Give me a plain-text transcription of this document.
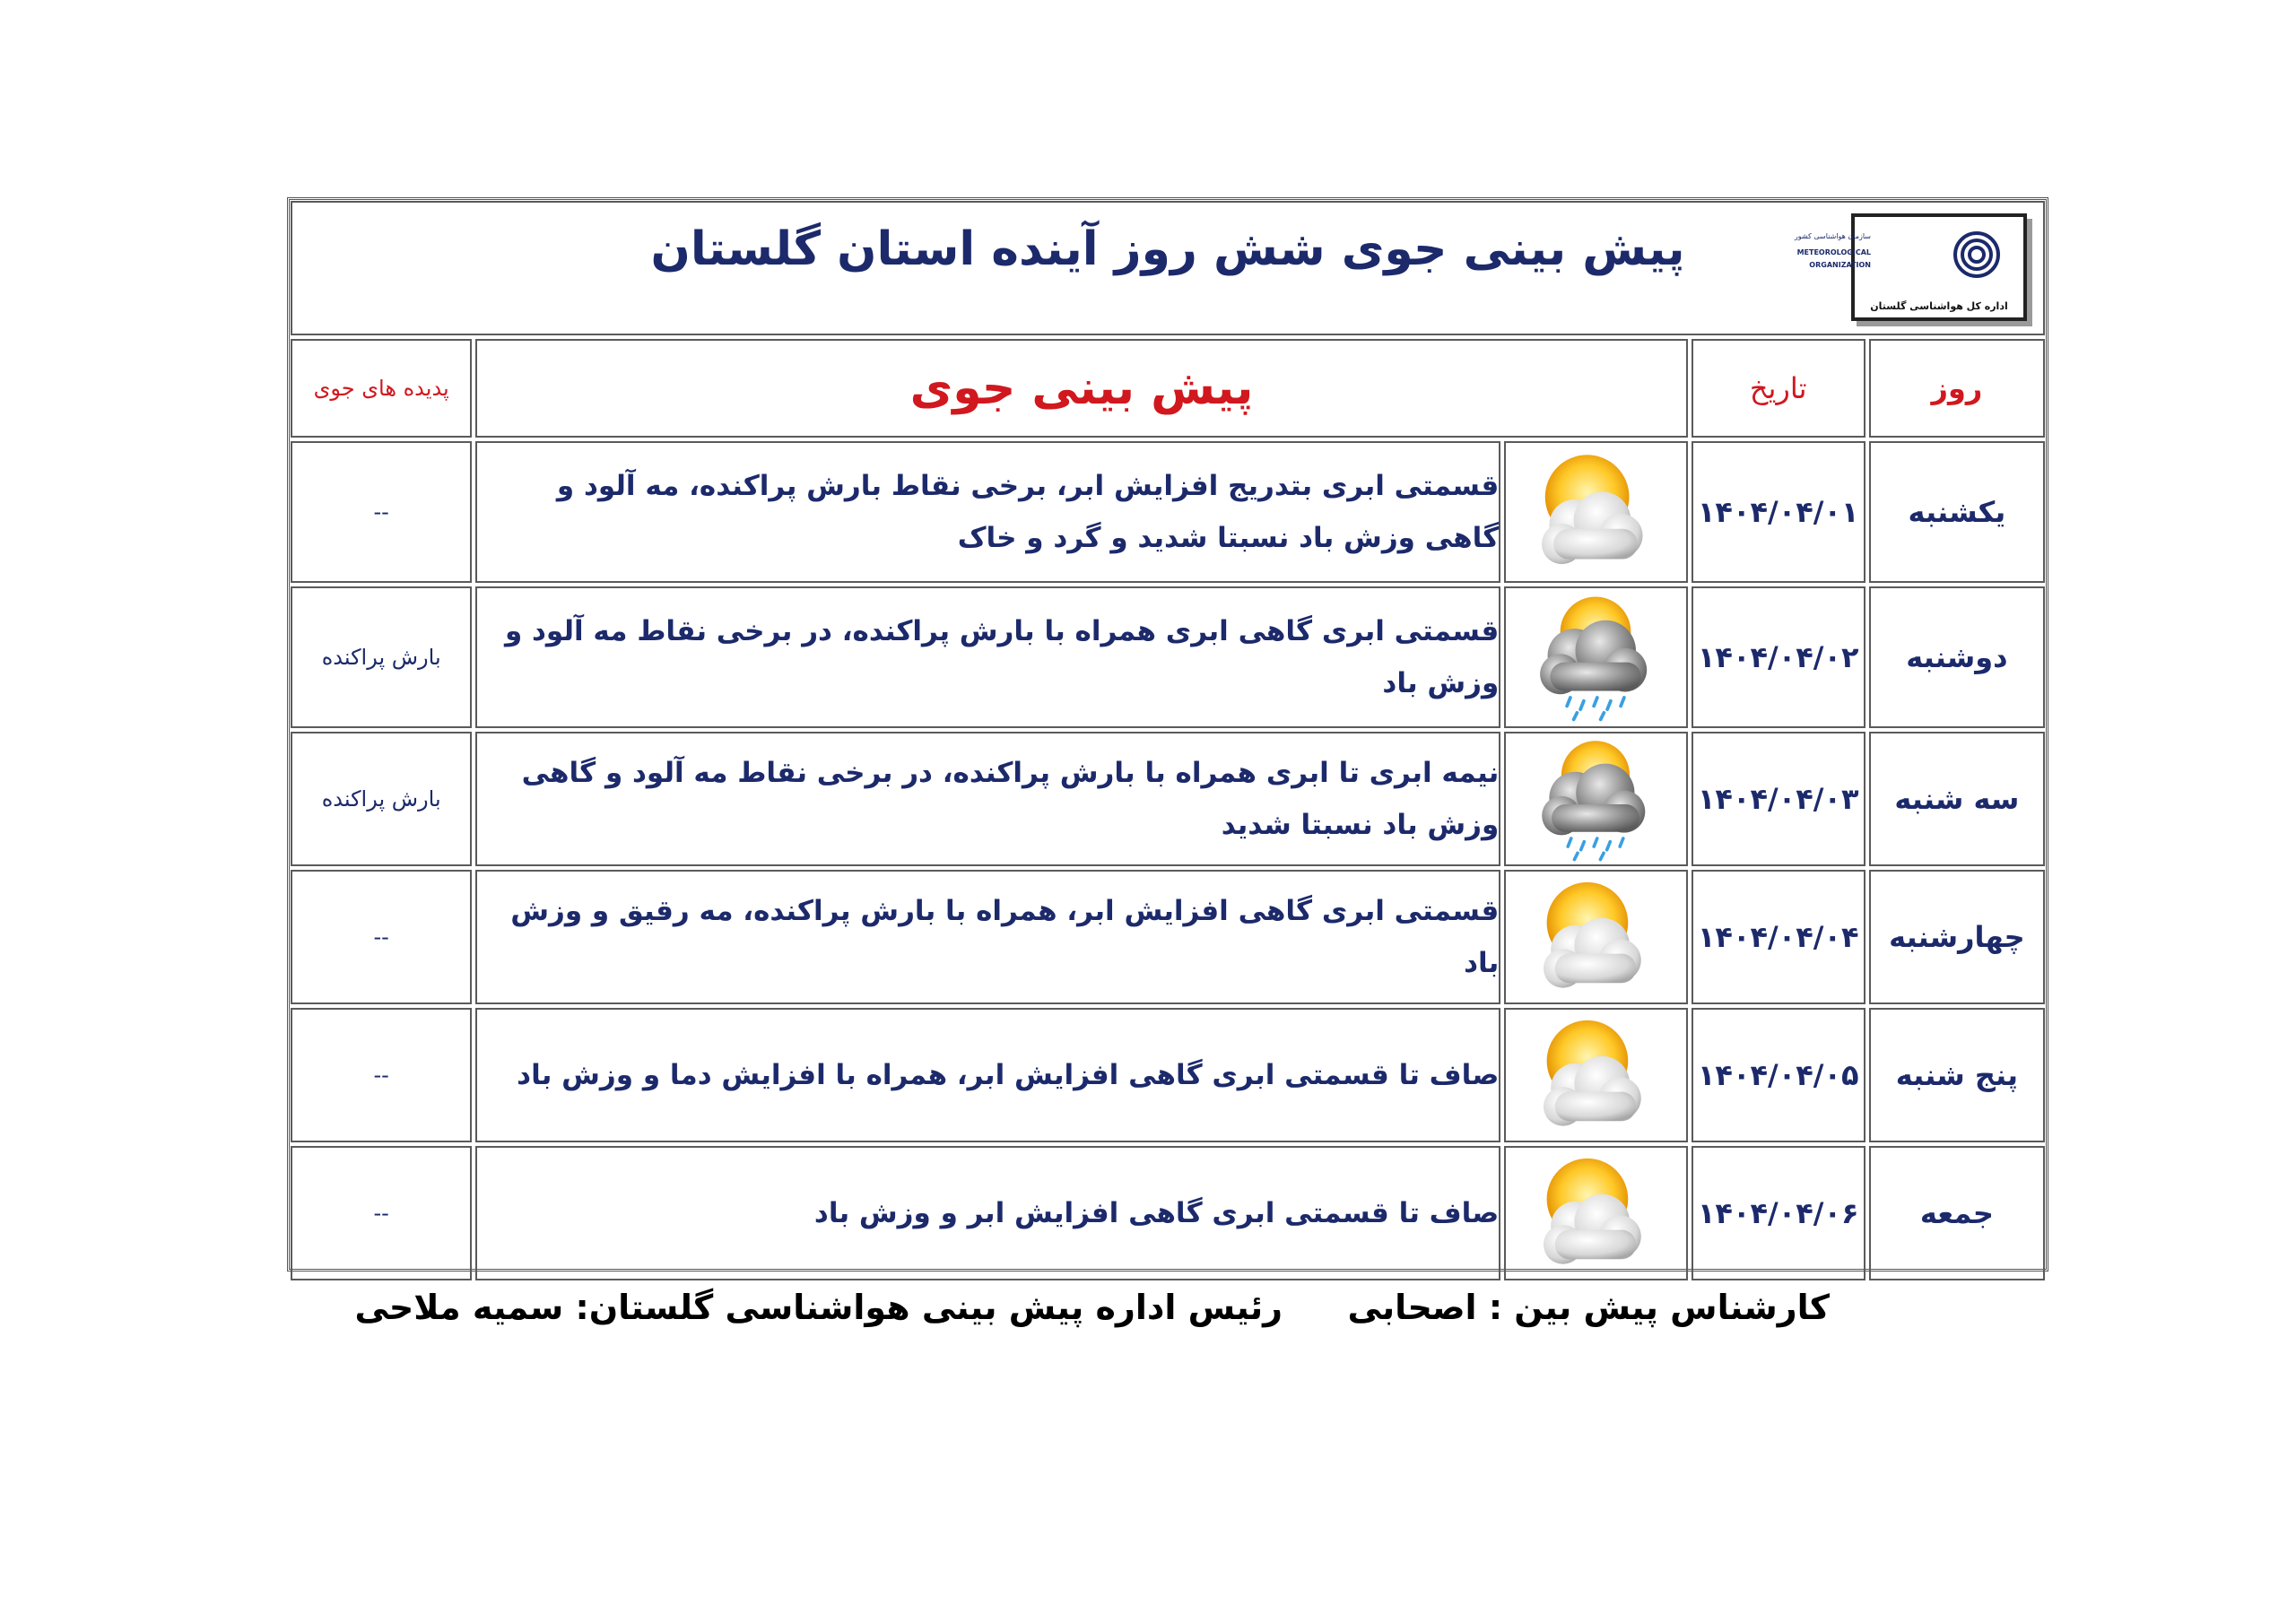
سازمان هواشناسی کشور
METEOROLOGICAL
ORGANIZATION
اداره کل هواشناسی گلستان
پیش بینی جوی شش روز آینده استان گلستان				

روز	تاریخ	پیش بینی جوی		پدیده های جوی
یکشنبه	۱۴۰۴/۰۴/۰۱		قسمتی ابری بتدریج افزایش ابر، برخی نقاط بارش پراکنده، مه آلود و گاهی وزش باد نسبتا شدید و گرد و خاک	--
دوشنبه	۱۴۰۴/۰۴/۰۲		قسمتی ابری گاهی ابری همراه با بارش پراکنده، در برخی نقاط مه آلود و وزش باد	بارش پراکنده
سه شنبه	۱۴۰۴/۰۴/۰۳		نیمه ابری تا ابری همراه با بارش پراکنده، در برخی نقاط مه آلود و گاهی وزش باد نسبتا شدید	بارش پراکنده
چهارشنبه	۱۴۰۴/۰۴/۰۴		قسمتی ابری گاهی افزایش ابر، همراه با بارش پراکنده، مه رقیق و وزش باد	--
پنج شنبه	۱۴۰۴/۰۴/۰۵		صاف تا قسمتی ابری گاهی افزایش ابر، همراه با افزایش دما و وزش باد	--
جمعه	۱۴۰۴/۰۴/۰۶		صاف تا قسمتی ابری گاهی افزایش ابر و وزش باد	--
کارشناس پیش بین : اصحابی
رئیس اداره پیش بینی هواشناسی گلستان: سمیه ملاحی
